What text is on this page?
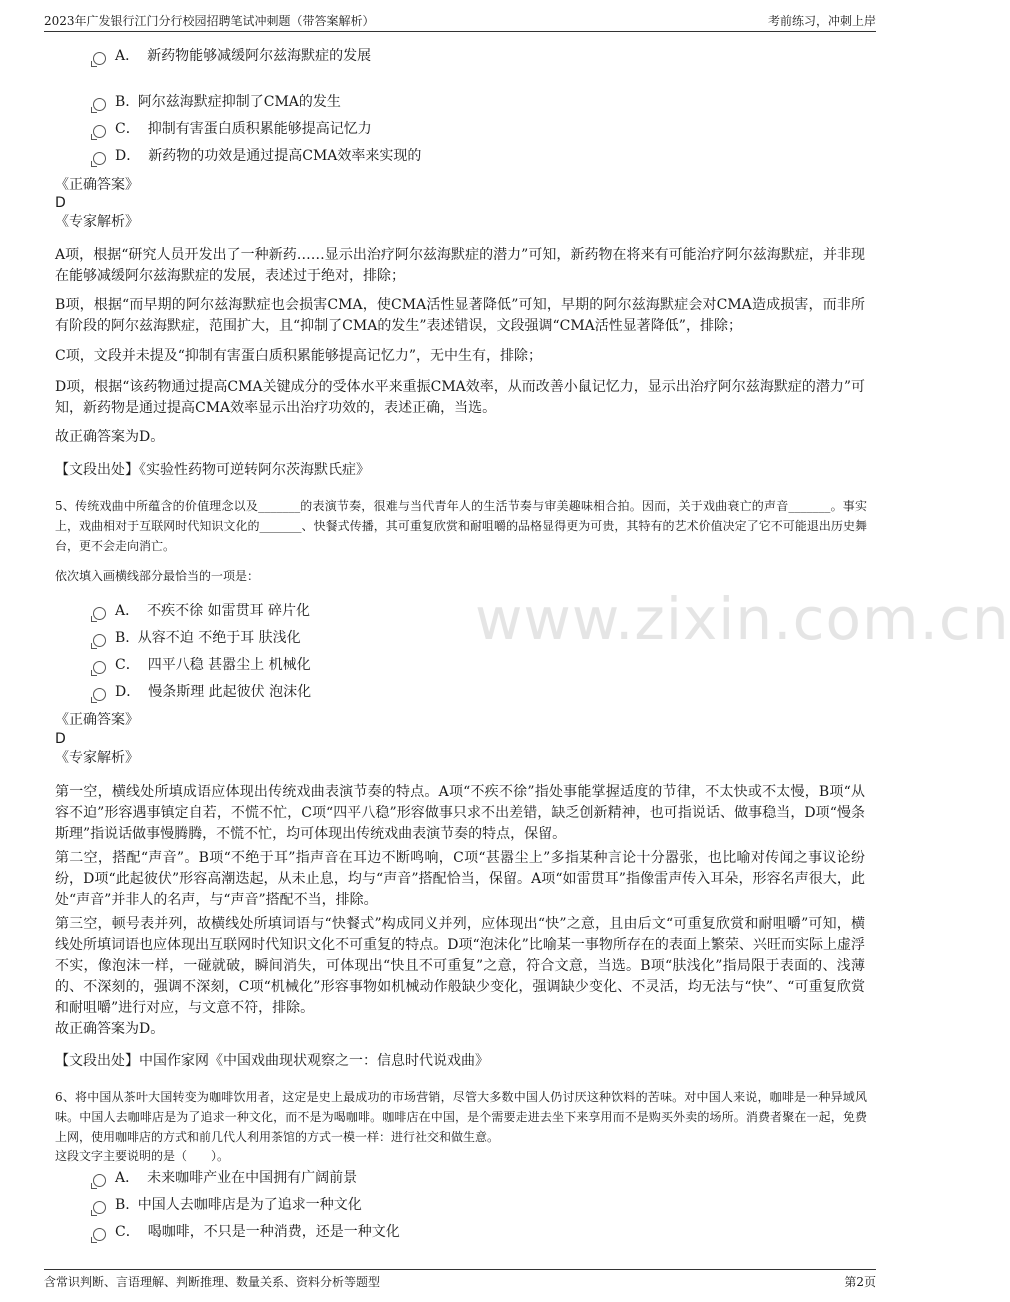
2023年广发银行江门分行校园招聘笔试冲刺题（带答案解析）	考前练习，冲刺上岸
www.zixin.com.cn
A． 新药物能够减缓阿尔兹海默症的发展
B. 阿尔兹海默症抑制了CMA的发生
C． 抑制有害蛋白质积累能够提高记忆力
D． 新药物的功效是通过提高CMA效率来实现的
《正确答案》
D
《专家解析》
A项，根据“研究人员开发出了一种新药……显示出治疗阿尔兹海默症的潜力”可知，新药物在将来有可能治疗阿尔兹海默症，并非现在能够减缓阿尔兹海默症的发展，表述过于绝对，排除；
B项，根据“而早期的阿尔兹海默症也会损害CMA，使CMA活性显著降低”可知，早期的阿尔兹海默症会对CMA造成损害，而非所有阶段的阿尔兹海默症，范围扩大，且“抑制了CMA的发生”表述错误，文段强调“CMA活性显著降低”，排除；
C项，文段并未提及“抑制有害蛋白质积累能够提高记忆力”，无中生有，排除；
D项，根据“该药物通过提高CMA关键成分的受体水平来重振CMA效率，从而改善小鼠记忆力，显示出治疗阿尔兹海默症的潜力”可知，新药物是通过提高CMA效率显示出治疗功效的，表述正确，当选。
故正确答案为D。
【文段出处】《实验性药物可逆转阿尔茨海默氏症》
5、传统戏曲中所蕴含的价值理念以及_______的表演节奏，很难与当代青年人的生活节奏与审美趣味相合拍。因而，关于戏曲衰亡的声音_______。事实上，戏曲相对于互联网时代知识文化的_______、快餐式传播，其可重复欣赏和耐咀嚼的品格显得更为可贵，其特有的艺术价值决定了它不可能退出历史舞台，更不会走向消亡。
依次填入画横线部分最恰当的一项是：
A． 不疾不徐 如雷贯耳 碎片化
B. 从容不迫 不绝于耳 肤浅化
C． 四平八稳 甚嚣尘上 机械化
D． 慢条斯理 此起彼伏 泡沫化
《正确答案》
D
《专家解析》
第一空，横线处所填成语应体现出传统戏曲表演节奏的特点。A项“不疾不徐”指处事能掌握适度的节律，不太快或不太慢，B项“从容不迫”形容遇事镇定自若，不慌不忙，C项“四平八稳”形容做事只求不出差错，缺乏创新精神，也可指说话、做事稳当，D项“慢条斯理”指说话做事慢腾腾，不慌不忙，均可体现出传统戏曲表演节奏的特点，保留。
第二空，搭配“声音”。B项“不绝于耳”指声音在耳边不断鸣响，C项“甚嚣尘上”多指某种言论十分嚣张，也比喻对传闻之事议论纷纷，D项“此起彼伏”形容高潮迭起，从未止息，均与“声音”搭配恰当，保留。A项“如雷贯耳”指像雷声传入耳朵，形容名声很大，此处“声音”并非人的名声，与“声音”搭配不当，排除。
第三空，顿号表并列，故横线处所填词语与“快餐式”构成同义并列，应体现出“快”之意，且由后文“可重复欣赏和耐咀嚼”可知，横线处所填词语也应体现出互联网时代知识文化不可重复的特点。D项“泡沫化”比喻某一事物所存在的表面上繁荣、兴旺而实际上虚浮不实，像泡沫一样，一碰就破，瞬间消失，可体现出“快且不可重复”之意，符合文意，当选。B项“肤浅化”指局限于表面的、浅薄的、不深刻的，强调不深刻，C项“机械化”形容事物如机械动作般缺少变化，强调缺少变化、不灵活，均无法与“快”、“可重复欣赏和耐咀嚼”进行对应，与文意不符，排除。
故正确答案为D。
【文段出处】中国作家网《中国戏曲现状观察之一：信息时代说戏曲》
6、将中国从茶叶大国转变为咖啡饮用者，这定是史上最成功的市场营销，尽管大多数中国人仍讨厌这种饮料的苦味。对中国人来说，咖啡是一种异域风味。中国人去咖啡店是为了追求一种文化，而不是为喝咖啡。咖啡店在中国，是个需要走进去坐下来享用而不是购买外卖的场所。消费者聚在一起，免费上网，使用咖啡店的方式和前几代人利用茶馆的方式一模一样：进行社交和做生意。
这段文字主要说明的是（　　）。
A． 未来咖啡产业在中国拥有广阔前景
B. 中国人去咖啡店是为了追求一种文化
C． 喝咖啡，不只是一种消费，还是一种文化
含常识判断、言语理解、判断推理、数量关系、资料分析等题型	第2页
